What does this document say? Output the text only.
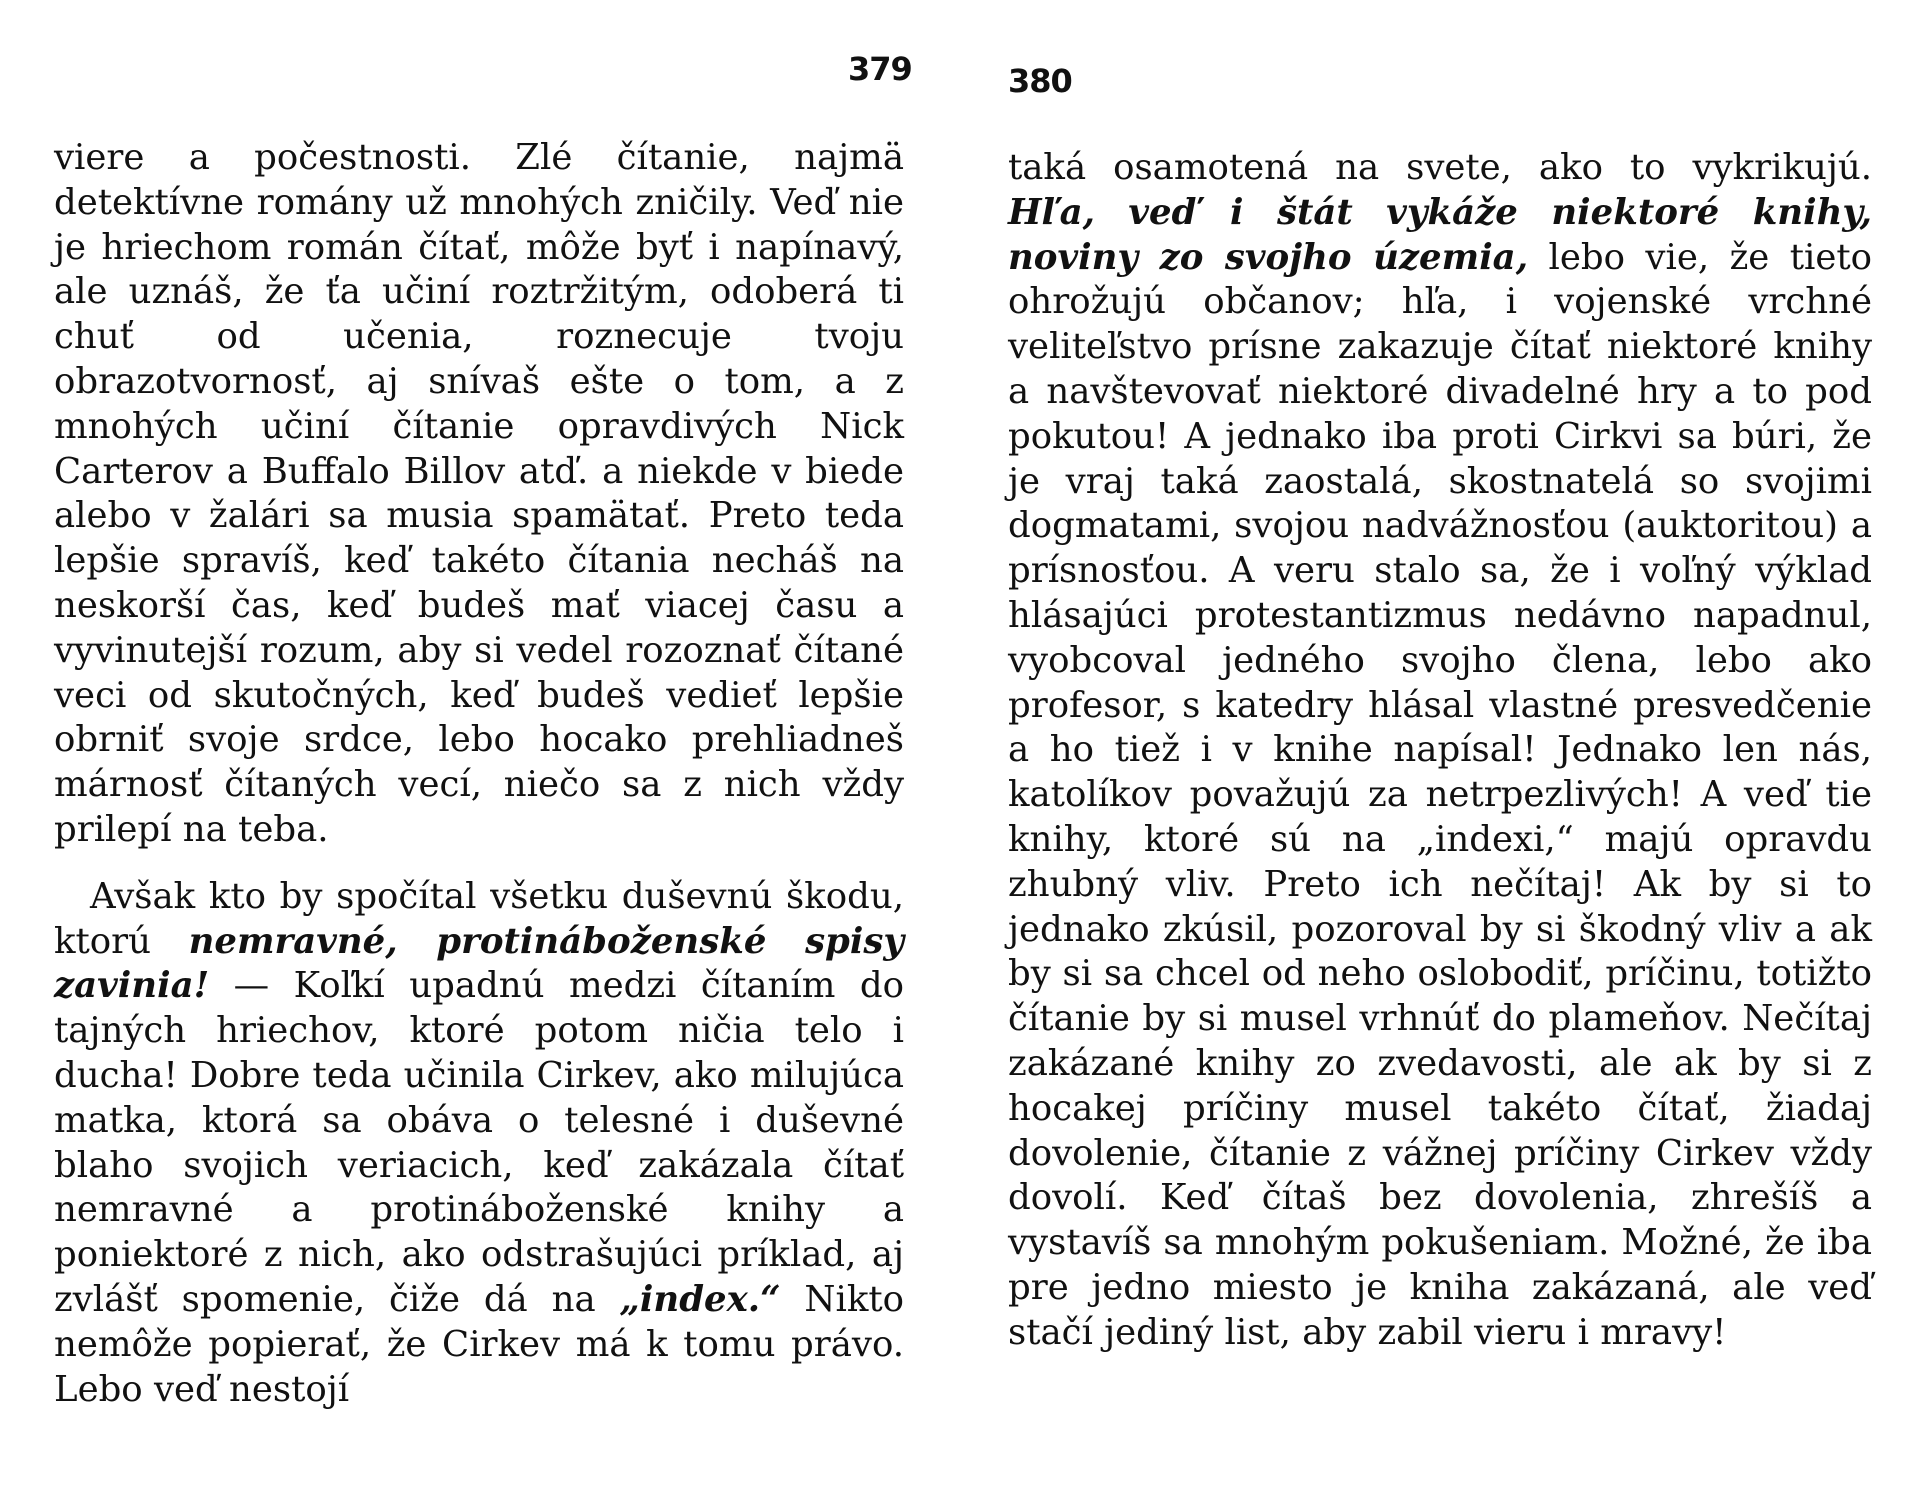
379	380

viere a počestnosti. Zlé čítanie, najmä detektívne romány už mnohých zničily. Veď nie je hriechom román čítať, môže byť i napínavý, ale uznáš, že ťa učiní roztržitým, odoberá ti chuť od učenia, roznecuje tvoju obrazotvornosť, aj snívaš ešte o tom, a z mnohých učiní čítanie opravdivých Nick Carterov a Buffalo Billov atď. a niekde v biede alebo v žalári sa musia spamätať. Preto teda lepšie spravíš, keď takéto čítania necháš na neskorší čas, keď budeš mať viacej času a vyvinutejší rozum, aby si vedel rozoznať čítané veci od skutočných, keď budeš vedieť lepšie obrniť svoje srdce, lebo hocako prehliadneš márnosť čítaných vecí, niečo sa z nich vždy prilepí na teba.

Avšak kto by spočítal všetku duševnú škodu, ktorú nemravné, protináboženské spisy zavinia! — Koľkí upadnú medzi čítaním do tajných hriechov, ktoré potom ničia telo i ducha! Dobre teda učinila Cirkev, ako milujúca matka, ktorá sa obáva o telesné i duševné blaho svojich veriacich, keď zakázala čítať nemravné a protináboženské knihy a poniektoré z nich, ako odstrašujúci príklad, aj zvlášť spomenie, čiže dá na „index.“ Nikto nemôže popierať, že Cirkev má k tomu právo. Lebo veď nestojí

taká osamotená na svete, ako to vykrikujú. Hľa, veď i štát vykáže niektoré knihy, noviny zo svojho územia, lebo vie, že tieto ohrožujú občanov; hľa, i vojenské vrchné veliteľstvo prísne zakazuje čítať niektoré knihy a navštevovať niektoré divadelné hry a to pod pokutou! A jednako iba proti Cirkvi sa búri, že je vraj taká zaostalá, skostnatelá so svojimi dogmatami, svojou nadvážnosťou (auktoritou) a prísnosťou. A veru stalo sa, že i voľný výklad hlásajúci protestantizmus nedávno napadnul, vyobcoval jedného svojho člena, lebo ako profesor, s katedry hlásal vlastné presvedčenie a ho tiež i v knihe napísal! Jednako len nás, katolíkov považujú za netrpezlivých! A veď tie knihy, ktoré sú na „indexi,“ majú opravdu zhubný vliv. Preto ich nečítaj! Ak by si to jednako zkúsil, pozoroval by si škodný vliv a ak by si sa chcel od neho oslobodiť, príčinu, totižto čítanie by si musel vrhnúť do plameňov. Nečítaj zakázané knihy zo zvedavosti, ale ak by si z hocakej príčiny musel takéto čítať, žiadaj dovolenie, čítanie z vážnej príčiny Cirkev vždy dovolí. Keď čítaš bez dovolenia, zhrešíš a vystavíš sa mnohým pokušeniam. Možné, že iba pre jedno miesto je kniha zakázaná, ale veď stačí jediný list, aby zabil vieru i mravy!
